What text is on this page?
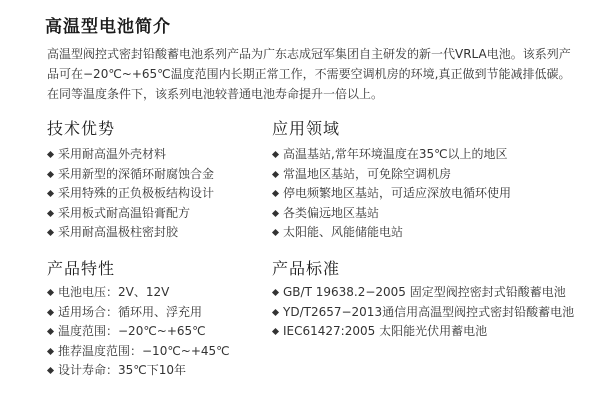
高温型电池简介
高温型阀控式密封铅酸蓄电池系列产品为广东志成冠军集团自主研发的新一代VRLA电池。该系列产品可在−20℃~+65℃温度范围内长期正常工作，不需要空调机房的环境,真正做到节能减排低碳。在同等温度条件下，该系列电池较普通电池寿命提升一倍以上。
技术优势
采用耐高温外壳材料
采用新型的深循环耐腐蚀合金
采用特殊的正负极板结构设计
采用板式耐高温铅膏配方
采用耐高温极柱密封胶
应用领域
高温基站,常年环境温度在35℃以上的地区
常温地区基站，可免除空调机房
停电频繁地区基站，可适应深放电循环使用
各类偏远地区基站
太阳能、风能储能电站
产品特性
电池电压：2V、12V
适用场合：循环用、浮充用
温度范围：−20℃~+65℃
推荐温度范围：−10℃~+45℃
设计寿命：35℃下10年
产品标准
GB/T 19638.2−2005 固定型阀控密封式铅酸蓄电池
YD/T2657−2013通信用高温型阀控式密封铅酸蓄电池
IEC61427:2005 太阳能光伏用蓄电池
